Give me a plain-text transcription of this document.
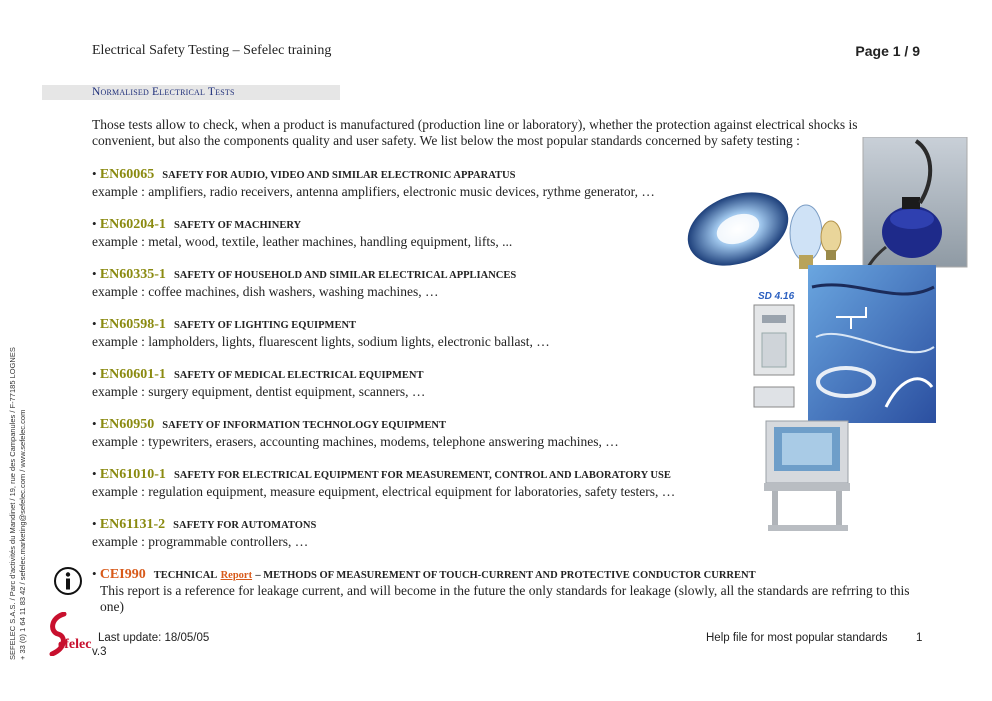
Electrical Safety Testing – Sefelec training	Page 1 / 9
Normalised Electrical Tests
Those tests allow to check, when a product is manufactured (production line or laboratory), whether the protection against electrical shocks is convenient, but also the components quality and user safety. We list below the most popular standards concerned by safety testing :
• EN60065 SAFETY FOR AUDIO, VIDEO AND SIMILAR ELECTRONIC APPARATUS
example : amplifiers, radio receivers, antenna amplifiers, electronic music devices, rythme generator, …
• EN60204-1 SAFETY OF MACHINERY
example : metal, wood, textile, leather machines, handling equipment, lifts, ...
• EN60335-1 SAFETY OF HOUSEHOLD AND SIMILAR ELECTRICAL APPLIANCES
example : coffee machines, dish washers, washing machines, …
• EN60598-1 SAFETY OF LIGHTING EQUIPMENT
example : lampholders, lights, fluarescent lights, sodium lights, electronic ballast, …
• EN60601-1 SAFETY OF MEDICAL ELECTRICAL EQUIPMENT
example : surgery equipment, dentist equipment, scanners, …
• EN60950 SAFETY OF INFORMATION TECHNOLOGY EQUIPMENT
example : typewriters, erasers, accounting machines, modems, telephone answering machines, …
• EN61010-1 SAFETY FOR ELECTRICAL EQUIPMENT FOR MEASUREMENT, CONTROL AND LABORATORY USE
example : regulation equipment, measure equipment, electrical equipment for laboratories, safety testers, …
• EN61131-2 SAFETY FOR AUTOMATONS
example : programmable controllers, …
• CEI990 TECHNICAL Report – METHODS OF MEASUREMENT OF TOUCH-CURRENT AND PROTECTIVE CONDUCTOR CURRENT
This report is a reference for leakage current, and will become in the future the only standards for leakage (slowly, all the standards are refrring to this one)
SEFELEC S.A.S. / Parc d'activités du Mandinet / 19, rue des Campanules / F-77185 LOGNES + 33 (0) 1 64 11 83 42 / sefelec.marketing@sefelec.com / www.sefelec.com
efelec Last update: 18/05/05
v.3
Help file for most popular standards 1
SD 4.16
